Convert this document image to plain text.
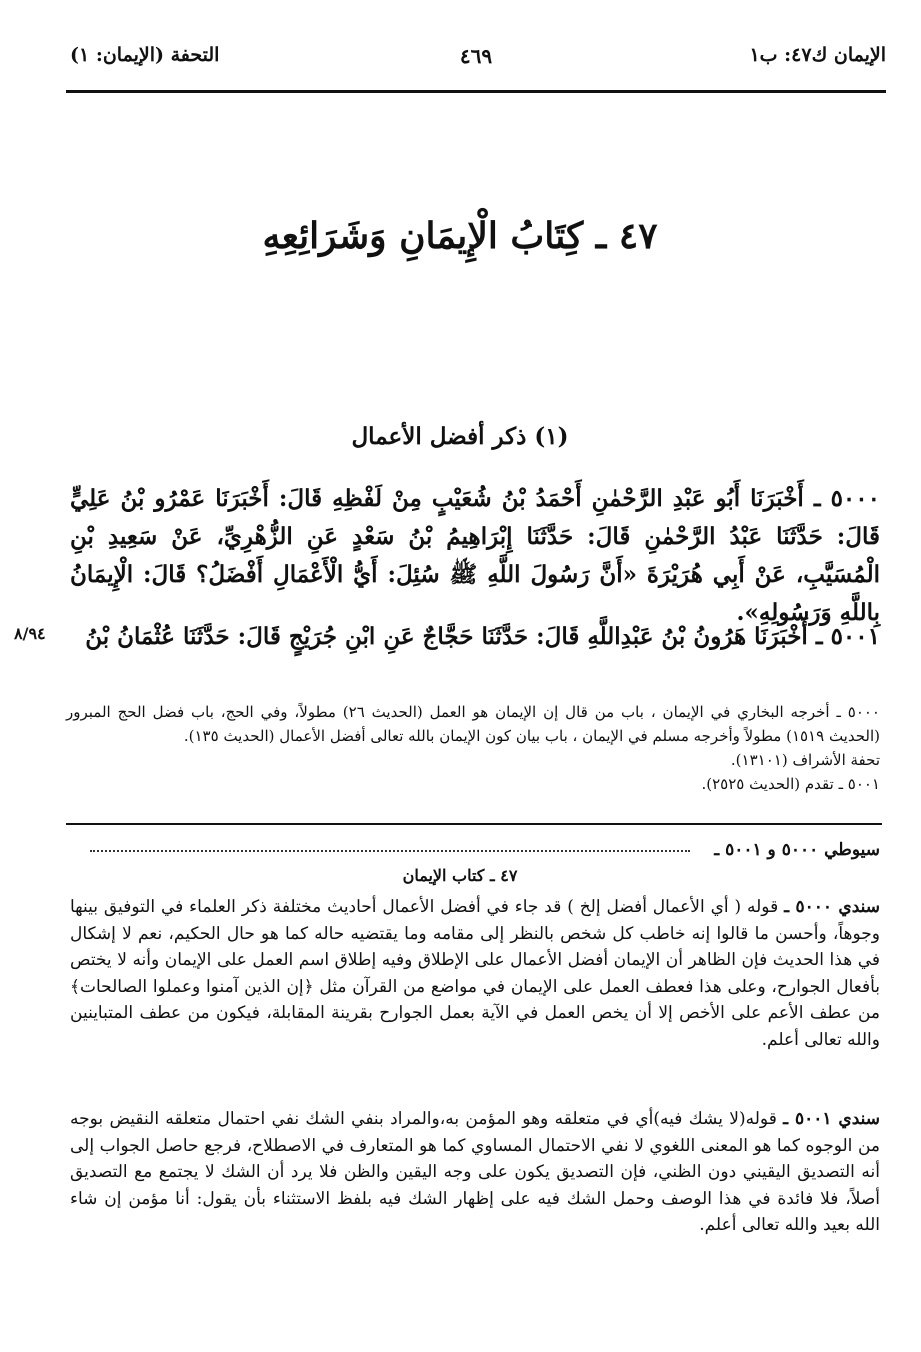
الإيمان ك٤٧: ب١
٤٦٩
التحفة (الإيمان: ١)
٤٧ ـ كِتَابُ الْإِيمَانِ وَشَرَائِعِهِ
(١) ذكر أفضل الأعمال
٥٠٠٠ ـ أَخْبَرَنَا أَبُو عَبْدِ الرَّحْمٰنِ أَحْمَدُ بْنُ شُعَيْبٍ مِنْ لَفْظِهِ قَالَ: أَخْبَرَنَا عَمْرُو بْنُ عَلِيٍّ قَالَ: حَدَّثَنَا عَبْدُ الرَّحْمٰنِ قَالَ: حَدَّثَنَا إِبْرَاهِيمُ بْنُ سَعْدٍ عَنِ الزُّهْرِيِّ، عَنْ سَعِيدِ بْنِ الْمُسَيَّبِ، عَنْ أَبِي هُرَيْرَةَ «أَنَّ رَسُولَ اللَّهِ ﷺ سُئِلَ: أَيُّ الْأَعْمَالِ أَفْضَلُ؟ قَالَ: الْإِيمَانُ بِاللَّهِ وَرَسُولِهِ».
٥٠٠١ ـ أَخْبَرَنَا هَرُونُ بْنُ عَبْدِاللَّهِ قَالَ: حَدَّثَنَا حَجَّاجٌ عَنِ ابْنِ جُرَيْجٍ قَالَ: حَدَّثَنَا عُثْمَانُ بْنُ
٨/٩٤
٥٠٠٠ ـ أخرجه البخاري في الإيمان ، باب من قال إن الإيمان هو العمل (الحديث ٢٦) مطولاً، وفي الحج، باب فضل الحج المبرور (الحديث ١٥١٩) مطولاً وأخرجه مسلم في الإيمان ، باب بيان كون الإيمان بالله تعالى أفضل الأعمال (الحديث ١٣٥).
تحفة الأشراف (١٣١٠١).
٥٠٠١ ـ تقدم (الحديث ٢٥٢٥).
سيوطي ٥٠٠٠ و ٥٠٠١ ـ
٤٧ ـ كتاب الإيمان
سندي ٥٠٠٠ ـ قوله ( أي الأعمال أفضل إلخ ) قد جاء في أفضل الأعمال أحاديث مختلفة ذكر العلماء في التوفيق بينها وجوهاً، وأحسن ما قالوا إنه خاطب كل شخص بالنظر إلى مقامه وما يقتضيه حاله كما هو حال الحكيم، نعم لا إشكال في هذا الحديث فإن الظاهر أن الإيمان أفضل الأعمال على الإطلاق وفيه إطلاق اسم العمل على الإيمان وأنه لا يختص بأفعال الجوارح، وعلى هذا فعطف العمل على الإيمان في مواضع من القرآن مثل ﴿إن الذين آمنوا وعملوا الصالحات﴾ من عطف الأعم على الأخص إلا أن يخص العمل في الآية بعمل الجوارح بقرينة المقابلة، فيكون من عطف المتباينين والله تعالى أعلم.
سندي ٥٠٠١ ـ قوله(لا يشك فيه)أي في متعلقه وهو المؤمن به،والمراد بنفي الشك نفي احتمال متعلقه النقيض بوجه من الوجوه كما هو المعنى اللغوي لا نفي الاحتمال المساوي كما هو المتعارف في الاصطلاح، فرجع حاصل الجواب إلى أنه التصديق اليقيني دون الظني، فإن التصديق يكون على وجه اليقين والظن فلا يرد أن الشك لا يجتمع مع التصديق أصلاً، فلا فائدة في هذا الوصف وحمل الشك فيه على إظهار الشك فيه بلفظ الاستثناء بأن يقول: أنا مؤمن إن شاء الله بعيد والله تعالى أعلم.
